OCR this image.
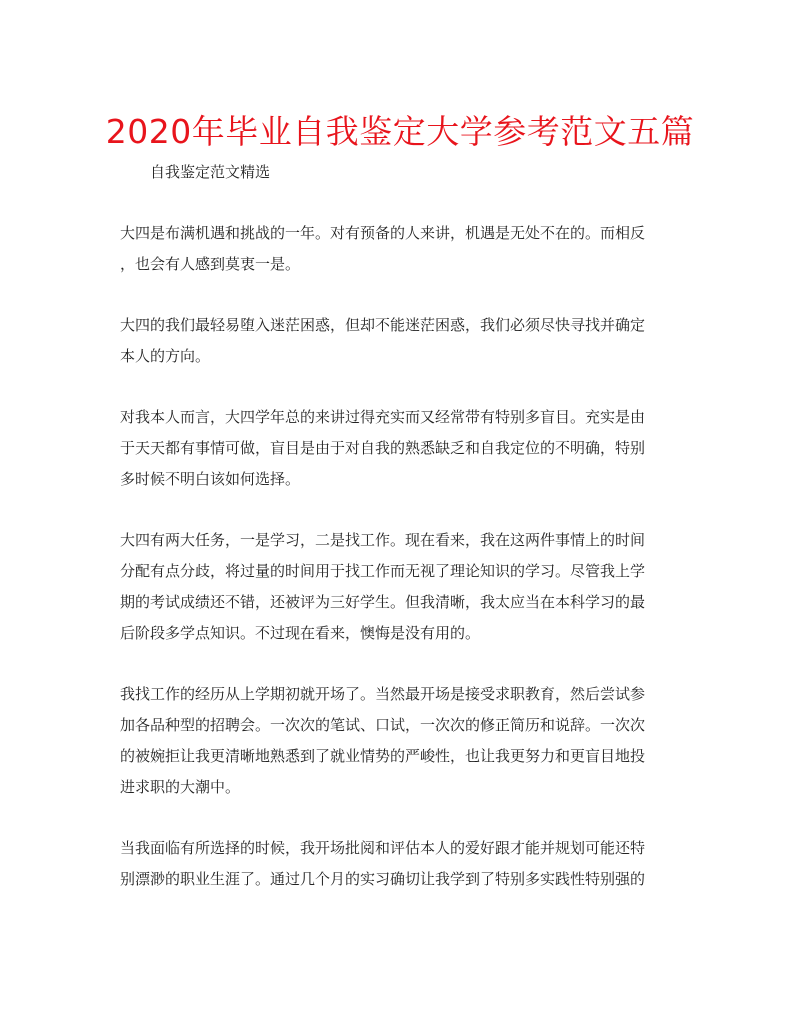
2020年毕业自我鉴定大学参考范文五篇
自我鉴定范文精选
大四是布满机遇和挑战的一年。对有预备的人来讲，机遇是无处不在的。而相反
，也会有人感到莫衷一是。
大四的我们最轻易堕入迷茫困惑，但却不能迷茫困惑，我们必须尽快寻找并确定
本人的方向。
对我本人而言，大四学年总的来讲过得充实而又经常带有特别多盲目。充实是由
于天天都有事情可做，盲目是由于对自我的熟悉缺乏和自我定位的不明确，特别
多时候不明白该如何选择。
大四有两大任务，一是学习，二是找工作。现在看来，我在这两件事情上的时间
分配有点分歧，将过量的时间用于找工作而无视了理论知识的学习。尽管我上学
期的考试成绩还不错，还被评为三好学生。但我清晰，我太应当在本科学习的最
后阶段多学点知识。不过现在看来，懊悔是没有用的。
我找工作的经历从上学期初就开场了。当然最开场是接受求职教育，然后尝试参
加各品种型的招聘会。一次次的笔试、口试，一次次的修正简历和说辞。一次次
的被婉拒让我更清晰地熟悉到了就业情势的严峻性，也让我更努力和更盲目地投
进求职的大潮中。
当我面临有所选择的时候，我开场批阅和评估本人的爱好跟才能并规划可能还特
别漂渺的职业生涯了。通过几个月的实习确切让我学到了特别多实践性特别强的
